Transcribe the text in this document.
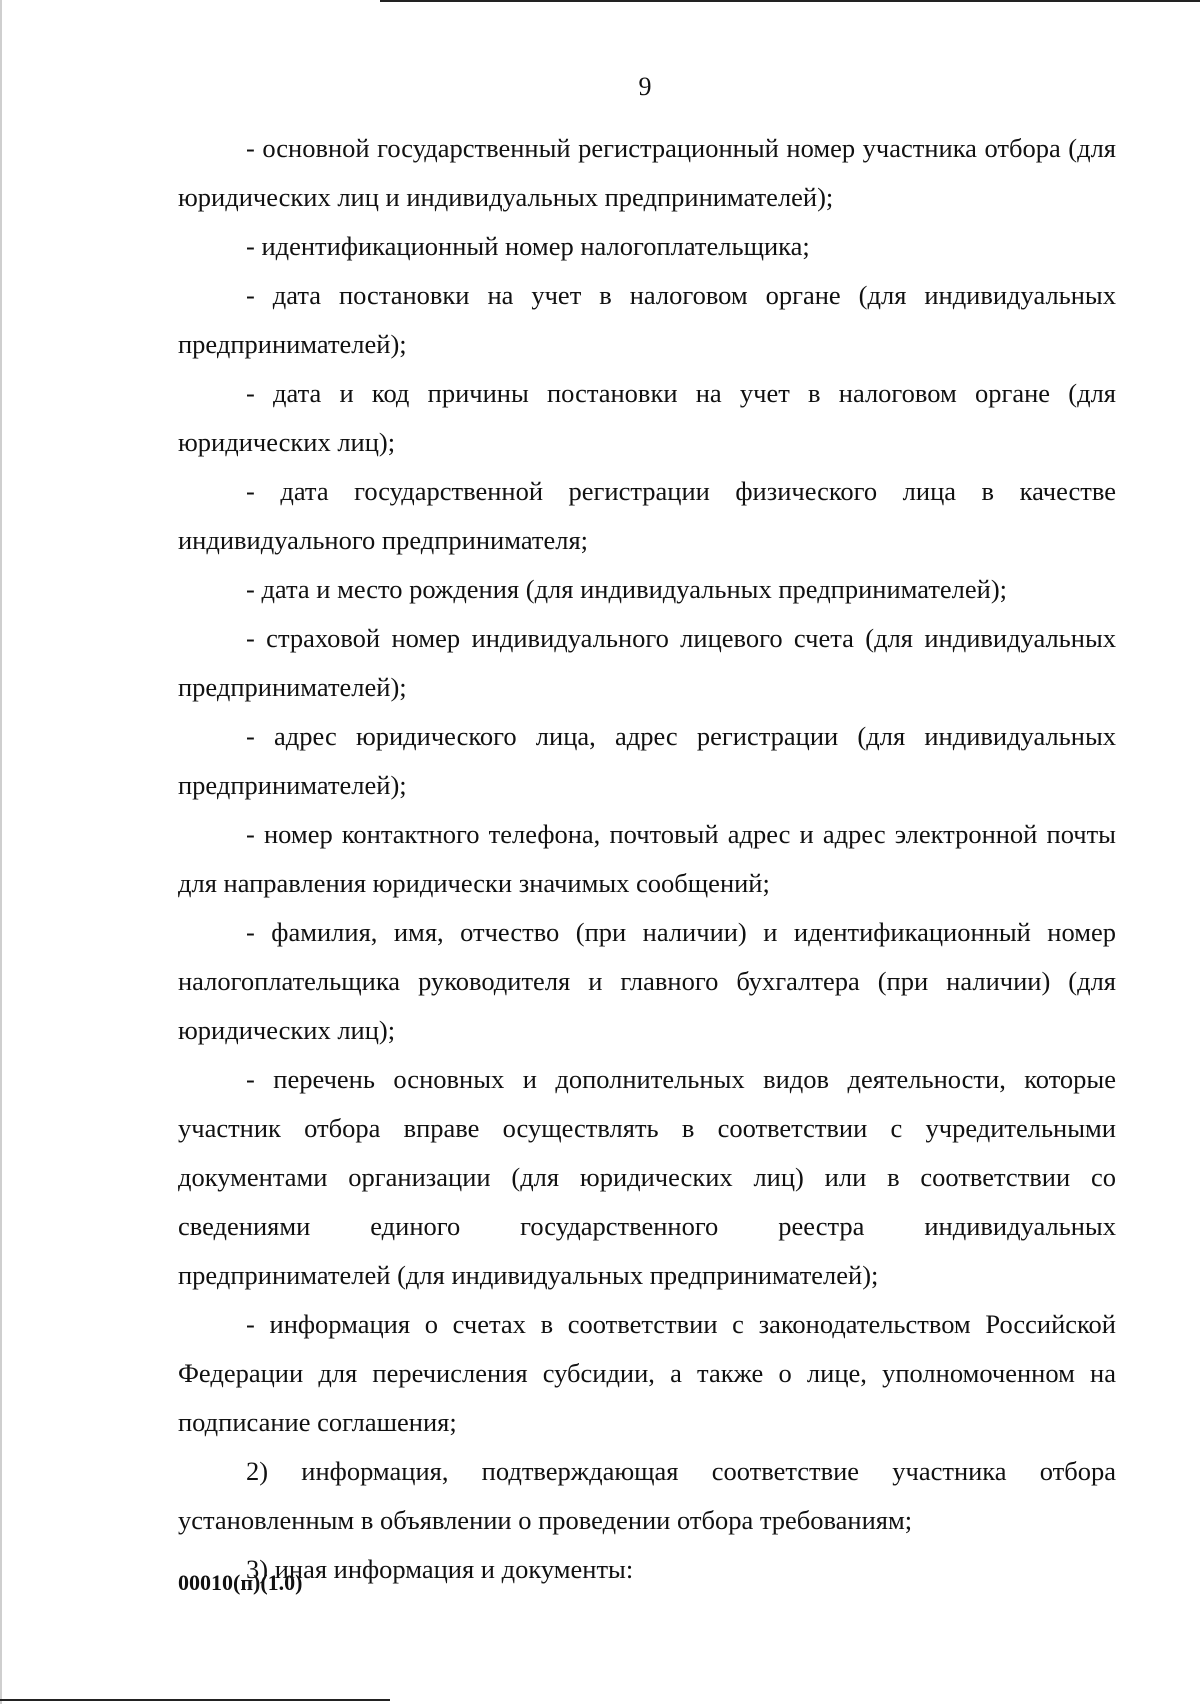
9

- основной государственный регистрационный номер участника отбора (для юридических лиц и индивидуальных предпринимателей);

- идентификационный номер налогоплательщика;

- дата постановки на учет в налоговом органе (для индивидуальных предпринимателей);

- дата и код причины постановки на учет в налоговом органе (для юридических лиц);

- дата государственной регистрации физического лица в качестве индивидуального предпринимателя;

- дата и место рождения (для индивидуальных предпринимателей);

- страховой номер индивидуального лицевого счета (для индивидуальных предпринимателей);

- адрес юридического лица, адрес регистрации (для индивидуальных предпринимателей);

- номер контактного телефона, почтовый адрес и адрес электронной почты для направления юридически значимых сообщений;

- фамилия, имя, отчество (при наличии) и идентификационный номер налогоплательщика руководителя и главного бухгалтера (при наличии) (для юридических лиц);

- перечень основных и дополнительных видов деятельности, которые участник отбора вправе осуществлять в соответствии с учредительными документами организации (для юридических лиц) или в соответствии со сведениями единого государственного реестра индивидуальных предпринимателей (для индивидуальных предпринимателей);

- информация о счетах в соответствии с законодательством Российской Федерации для перечисления субсидии, а также о лице, уполномоченном на подписание соглашения;

2) информация, подтверждающая соответствие участника отбора установленным в объявлении о проведении отбора требованиям;

3) иная информация и документы:

00010(п)(1.0)
